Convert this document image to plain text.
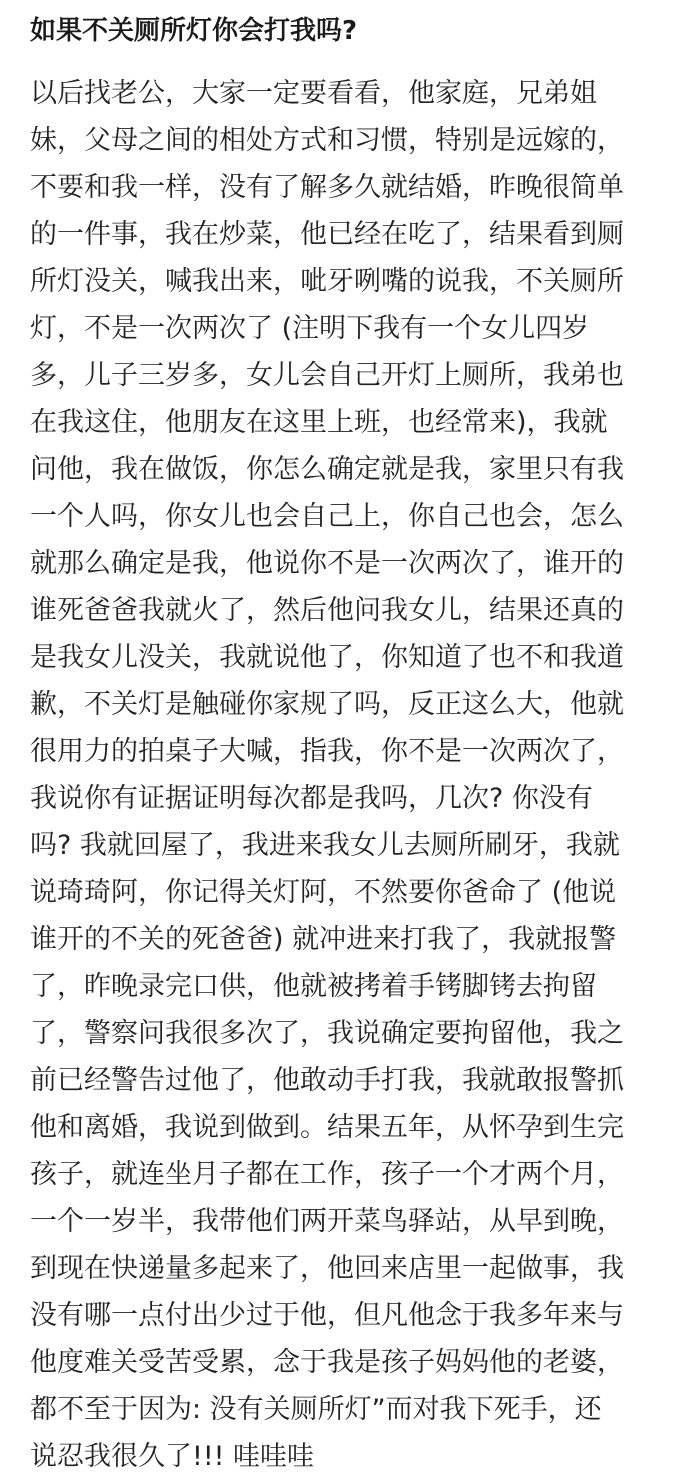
如果不关厕所灯你会打我吗?
以后找老公，大家一定要看看，他家庭，兄弟姐
妹，父母之间的相处方式和习惯，特别是远嫁的，
不要和我一样，没有了解多久就结婚，昨晚很简单
的一件事，我在炒菜，他已经在吃了，结果看到厕
所灯没关，喊我出来，呲牙咧嘴的说我，不关厕所
灯，不是一次两次了 (注明下我有一个女儿四岁
多，儿子三岁多，女儿会自己开灯上厕所，我弟也
在我这住，他朋友在这里上班，也经常来)，我就
问他，我在做饭，你怎么确定就是我，家里只有我
一个人吗，你女儿也会自己上，你自己也会，怎么
就那么确定是我，他说你不是一次两次了，谁开的
谁死爸爸我就火了，然后他问我女儿，结果还真的
是我女儿没关，我就说他了，你知道了也不和我道
歉，不关灯是触碰你家规了吗，反正这么大，他就
很用力的拍桌子大喊，指我，你不是一次两次了，
我说你有证据证明每次都是我吗，几次? 你没有
吗? 我就回屋了，我进来我女儿去厕所刷牙，我就
说琦琦阿，你记得关灯阿，不然要你爸命了 (他说
谁开的不关的死爸爸) 就冲进来打我了，我就报警
了，昨晚录完口供，他就被拷着手铐脚铐去拘留
了，警察问我很多次了，我说确定要拘留他，我之
前已经警告过他了，他敢动手打我，我就敢报警抓
他和离婚，我说到做到。结果五年，从怀孕到生完
孩子，就连坐月子都在工作，孩子一个才两个月，
一个一岁半，我带他们两开菜鸟驿站，从早到晚，
到现在快递量多起来了，他回来店里一起做事，我
没有哪一点付出少过于他，但凡他念于我多年来与
他度难关受苦受累，念于我是孩子妈妈他的老婆，
都不至于因为: 没有关厕所灯”而对我下死手，还
说忍我很久了!!! 哇哇哇
